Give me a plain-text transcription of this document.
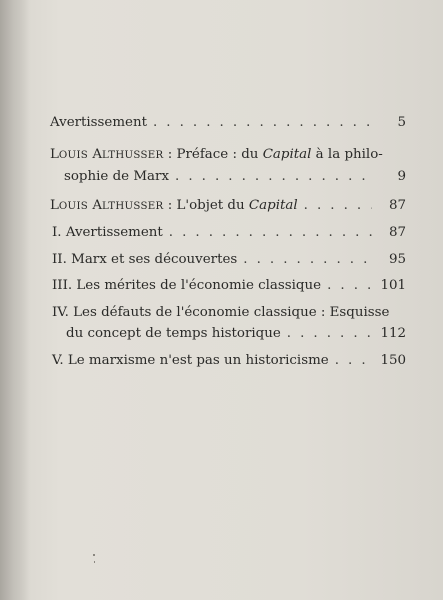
Avertissement . . .	5
LOUIS ALTHUSSER : Préface : du Capital à la philo-
sophie de Marx . . .	9
LOUIS ALTHUSSER : L'objet du Capital . . .	87
I. Avertissement . . .	87
II. Marx et ses découvertes . . .	95
III. Les mérites de l'économie classique . . .	101
IV. Les défauts de l'économie classique : Esquisse
du concept de temps historique . . .	112
V. Le marxisme n'est pas un historicisme . . .	150
